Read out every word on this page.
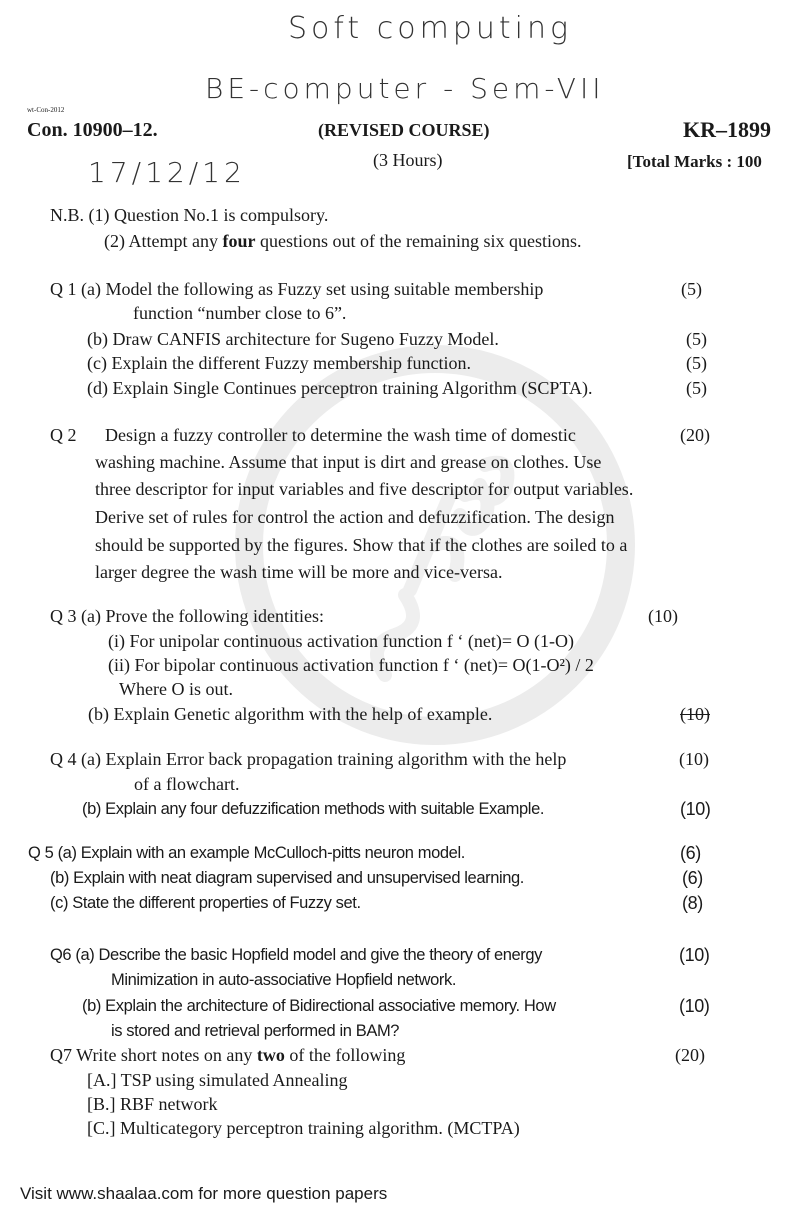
Soft computing
BE-computer - Sem-VII
17/12/12
wt-Con-2012
Con. 10900–12.	(REVISED COURSE)	KR–1899
(3 Hours)	[Total Marks : 100
N.B. (1) Question No.1 is compulsory.
(2) Attempt any four questions out of the remaining six questions.
Q 1 (a) Model the following as Fuzzy set using suitable membership
function “number close to 6”.
(b) Draw CANFIS architecture for Sugeno Fuzzy Model.
(c) Explain the different Fuzzy membership function.
(d) Explain Single Continues perceptron training Algorithm (SCPTA).
(5)
(5)
(5)
(5)
Q 2 Design a fuzzy controller to determine the wash time of domestic
washing machine. Assume that input is dirt and grease on clothes. Use
three descriptor for input variables and five descriptor for output variables.
Derive set of rules for control the action and defuzzification. The design
should be supported by the figures. Show that if the clothes are soiled to a
larger degree the wash time will be more and vice-versa.
(20)
Q 3 (a) Prove the following identities:
(i) For unipolar continuous activation function f ‘ (net)= O (1-O)
(ii) For bipolar continuous activation function f ‘ (net)= O(1-O²) / 2
Where O is out.
(b) Explain Genetic algorithm with the help of example.
(10)
(10)
Q 4 (a) Explain Error back propagation training algorithm with the help
of a flowchart.
(b) Explain any four defuzzification methods with suitable Example.
(10)
(10)
Q 5 (a) Explain with an example McCulloch-pitts neuron model.
(b) Explain with neat diagram supervised and unsupervised learning.
(c) State the different properties of Fuzzy set.
(6)
(6)
(8)
Q6 (a) Describe the basic Hopfield model and give the theory of energy
Minimization in auto-associative Hopfield network.
(b) Explain the architecture of Bidirectional associative memory. How
is stored and retrieval performed in BAM?
(10)
(10)
Q7 Write short notes on any two of the following
[A.] TSP using simulated Annealing
[B.] RBF network
[C.] Multicategory perceptron training algorithm. (MCTPA)
(20)
Visit www.shaalaa.com for more question papers
